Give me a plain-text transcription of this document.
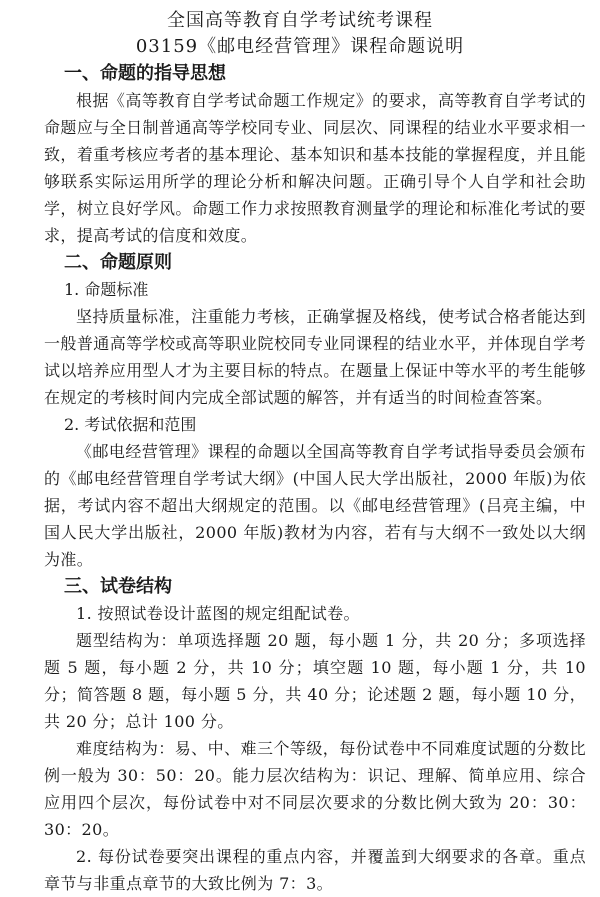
全国高等教育自学考试统考课程
03159《邮电经营管理》课程命题说明
一、命题的指导思想

根据《高等教育自学考试命题工作规定》的要求，高等教育自学考试的命题应与全日制普通高等学校同专业、同层次、同课程的结业水平要求相一致，着重考核应考者的基本理论、基本知识和基本技能的掌握程度，并且能够联系实际运用所学的理论分析和解决问题。正确引导个人自学和社会助学，树立良好学风。命题工作力求按照教育测量学的理论和标准化考试的要求，提高考试的信度和效度。

二、命题原则
1. 命题标准

坚持质量标准，注重能力考核，正确掌握及格线，使考试合格者能达到一般普通高等学校或高等职业院校同专业同课程的结业水平，并体现自学考试以培养应用型人才为主要目标的特点。在题量上保证中等水平的考生能够在规定的考核时间内完成全部试题的解答，并有适当的时间检查答案。

2. 考试依据和范围

《邮电经营管理》课程的命题以全国高等教育自学考试指导委员会颁布的《邮电经营管理自学考试大纲》(中国人民大学出版社，2000 年版)为依据，考试内容不超出大纲规定的范围。以《邮电经营管理》(吕亮主编，中国人民大学出版社，2000 年版)教材为内容，若有与大纲不一致处以大纲为准。

三、试卷结构

1. 按照试卷设计蓝图的规定组配试卷。

题型结构为：单项选择题 20 题，每小题 1 分，共 20 分；多项选择题 5 题，每小题 2 分，共 10 分；填空题 10 题，每小题 1 分，共 10 分；简答题 8 题，每小题 5 分，共 40 分；论述题 2 题，每小题 10 分，共 20 分；总计 100 分。

难度结构为：易、中、难三个等级，每份试卷中不同难度试题的分数比例一般为 30：50：20。能力层次结构为：识记、理解、简单应用、综合应用四个层次，每份试卷中对不同层次要求的分数比例大致为 20：30：30：20。

2. 每份试卷要突出课程的重点内容，并覆盖到大纲要求的各章。重点章节与非重点章节的大致比例为 7：3。
